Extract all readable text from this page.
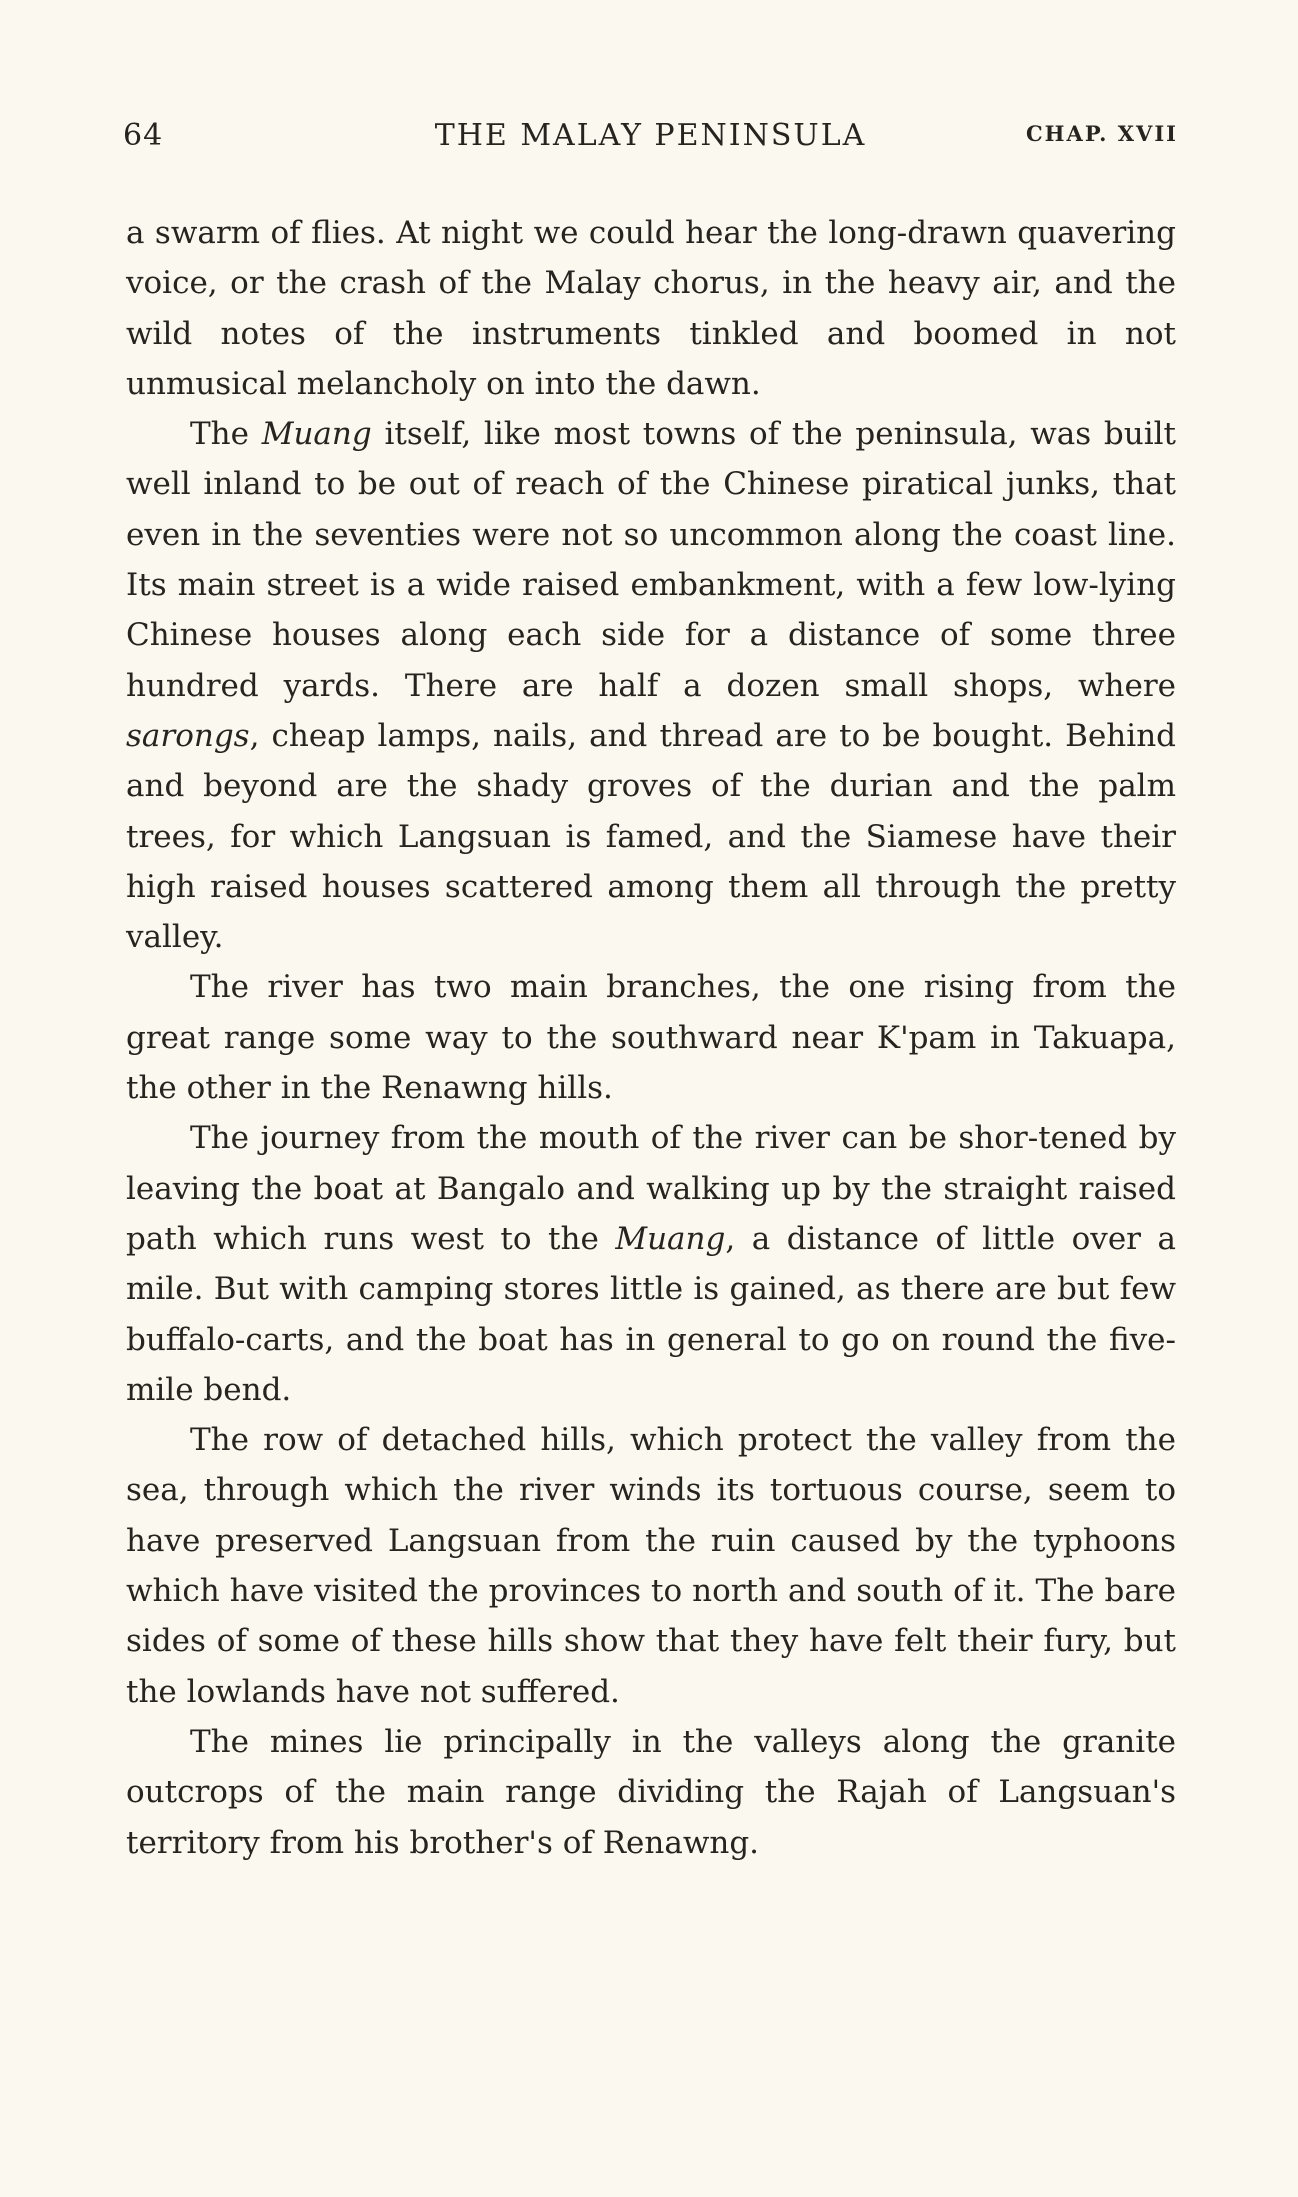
64	THE MALAY PENINSULA	CHAP. XVII

a swarm of flies. At night we could hear the long-drawn quavering voice, or the crash of the Malay chorus, in the heavy air, and the wild notes of the instruments tinkled and boomed in not unmusical melancholy on into the dawn.

The Muang itself, like most towns of the peninsula, was built well inland to be out of reach of the Chinese piratical junks, that even in the seventies were not so uncommon along the coast line. Its main street is a wide raised embankment, with a few low-lying Chinese houses along each side for a distance of some three hundred yards. There are half a dozen small shops, where sarongs, cheap lamps, nails, and thread are to be bought. Behind and beyond are the shady groves of the durian and the palm trees, for which Langsuan is famed, and the Siamese have their high raised houses scattered among them all through the pretty valley.

The river has two main branches, the one rising from the great range some way to the southward near K'pam in Takuapa, the other in the Renawng hills.

The journey from the mouth of the river can be shor-tened by leaving the boat at Bangalo and walking up by the straight raised path which runs west to the Muang, a distance of little over a mile. But with camping stores little is gained, as there are but few buffalo-carts, and the boat has in general to go on round the five-mile bend.

The row of detached hills, which protect the valley from the sea, through which the river winds its tortuous course, seem to have preserved Langsuan from the ruin caused by the typhoons which have visited the provinces to north and south of it. The bare sides of some of these hills show that they have felt their fury, but the lowlands have not suffered.

The mines lie principally in the valleys along the granite outcrops of the main range dividing the Rajah of Langsuan's territory from his brother's of Renawng.
